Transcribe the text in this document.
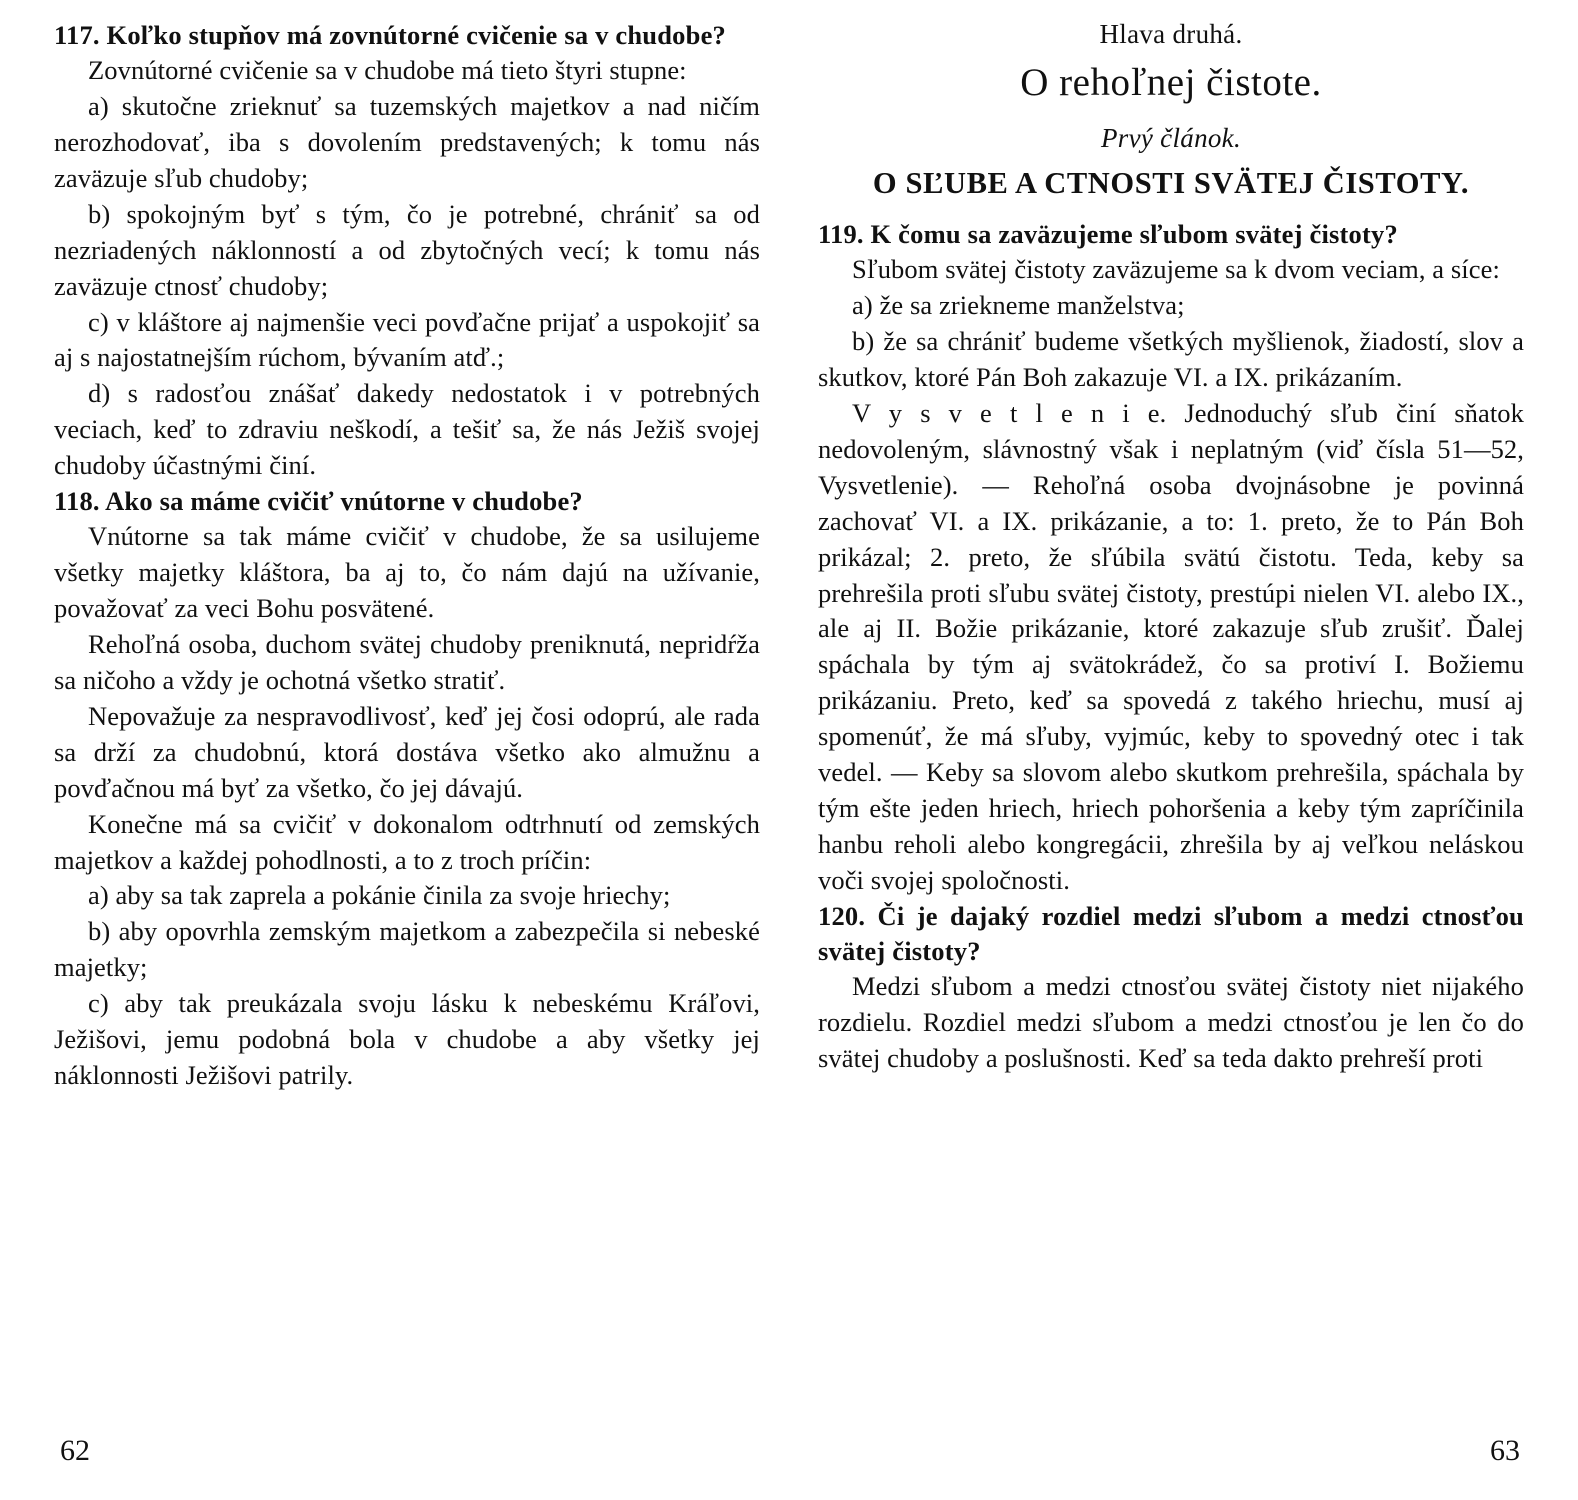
117. Koľko stupňov má zovnútorné cvičenie sa v chudobe?

Zovnútorné cvičenie sa v chudobe má tieto štyri stupne:

a) skutočne zrieknuť sa tuzemských majetkov a nad ničím nerozhodovať, iba s dovolením predstavených; k tomu nás zaväzuje sľub chudoby;

b) spokojným byť s tým, čo je potrebné, chrániť sa od nezriadených náklonností a od zbytočných vecí; k tomu nás zaväzuje ctnosť chudoby;

c) v kláštore aj najmenšie veci povďačne prijať a uspokojiť sa aj s najostatnejším rúchom, bývaním atď.;

d) s radosťou znášať dakedy nedostatok i v potrebných veciach, keď to zdraviu neškodí, a tešiť sa, že nás Ježiš svojej chudoby účastnými činí.

118. Ako sa máme cvičiť vnútorne v chudobe?

Vnútorne sa tak máme cvičiť v chudobe, že sa usilujeme všetky majetky kláštora, ba aj to, čo nám dajú na užívanie, považovať za veci Bohu posvätené.

Rehoľná osoba, duchom svätej chudoby preniknutá, nepridŕža sa ničoho a vždy je ochotná všetko stratiť.

Nepovažuje za nespravodlivosť, keď jej čosi odoprú, ale rada sa drží za chudobnú, ktorá dostáva všetko ako almužnu a povďačnou má byť za všetko, čo jej dávajú.

Konečne má sa cvičiť v dokonalom odtrhnutí od zemských majetkov a každej pohodlnosti, a to z troch príčin:

a) aby sa tak zaprela a pokánie činila za svoje hriechy;

b) aby opovrhla zemským majetkom a zabezpečila si nebeské majetky;

c) aby tak preukázala svoju lásku k nebeskému Kráľovi, Ježišovi, jemu podobná bola v chudobe a aby všetky jej náklonnosti Ježišovi patrily.

Hlava druhá.
O rehoľnej čistote.
Prvý článok.
O SĽUBE A CTNOSTI SVÄTEJ ČISTOTY.
119. K čomu sa zaväzujeme sľubom svätej čistoty?

Sľubom svätej čistoty zaväzujeme sa k dvom veciam, a síce:

a) že sa zriekneme manželstva;

b) že sa chrániť budeme všetkých myšlienok, žiadostí, slov a skutkov, ktoré Pán Boh zakazuje VI. a IX. prikázaním.

V y s v e t l e n i e. Jednoduchý sľub činí sňatok nedovoleným, slávnostný však i neplatným (viď čísla 51—52, Vysvetlenie). — Rehoľná osoba dvojnásobne je povinná zachovať VI. a IX. prikázanie, a to: 1. preto, že to Pán Boh prikázal; 2. preto, že sľúbila svätú čistotu. Teda, keby sa prehrešila proti sľubu svätej čistoty, prestúpi nielen VI. alebo IX., ale aj II. Božie prikázanie, ktoré zakazuje sľub zrušiť. Ďalej spáchala by tým aj svätokrádež, čo sa protiví I. Božiemu prikázaniu. Preto, keď sa spovedá z takého hriechu, musí aj spomenúť, že má sľuby, vyjmúc, keby to spovedný otec i tak vedel. — Keby sa slovom alebo skutkom prehrešila, spáchala by tým ešte jeden hriech, hriech pohoršenia a keby tým zapríčinila hanbu reholi alebo kongregácii, zhrešila by aj veľkou neláskou voči svojej spoločnosti.

120. Či je dajaký rozdiel medzi sľubom a medzi ctnosťou svätej čistoty?

Medzi sľubom a medzi ctnosťou svätej čistoty niet nijakého rozdielu. Rozdiel medzi sľubom a medzi ctnosťou je len čo do svätej chudoby a poslušnosti. Keď sa teda dakto prehreší proti

62	63
